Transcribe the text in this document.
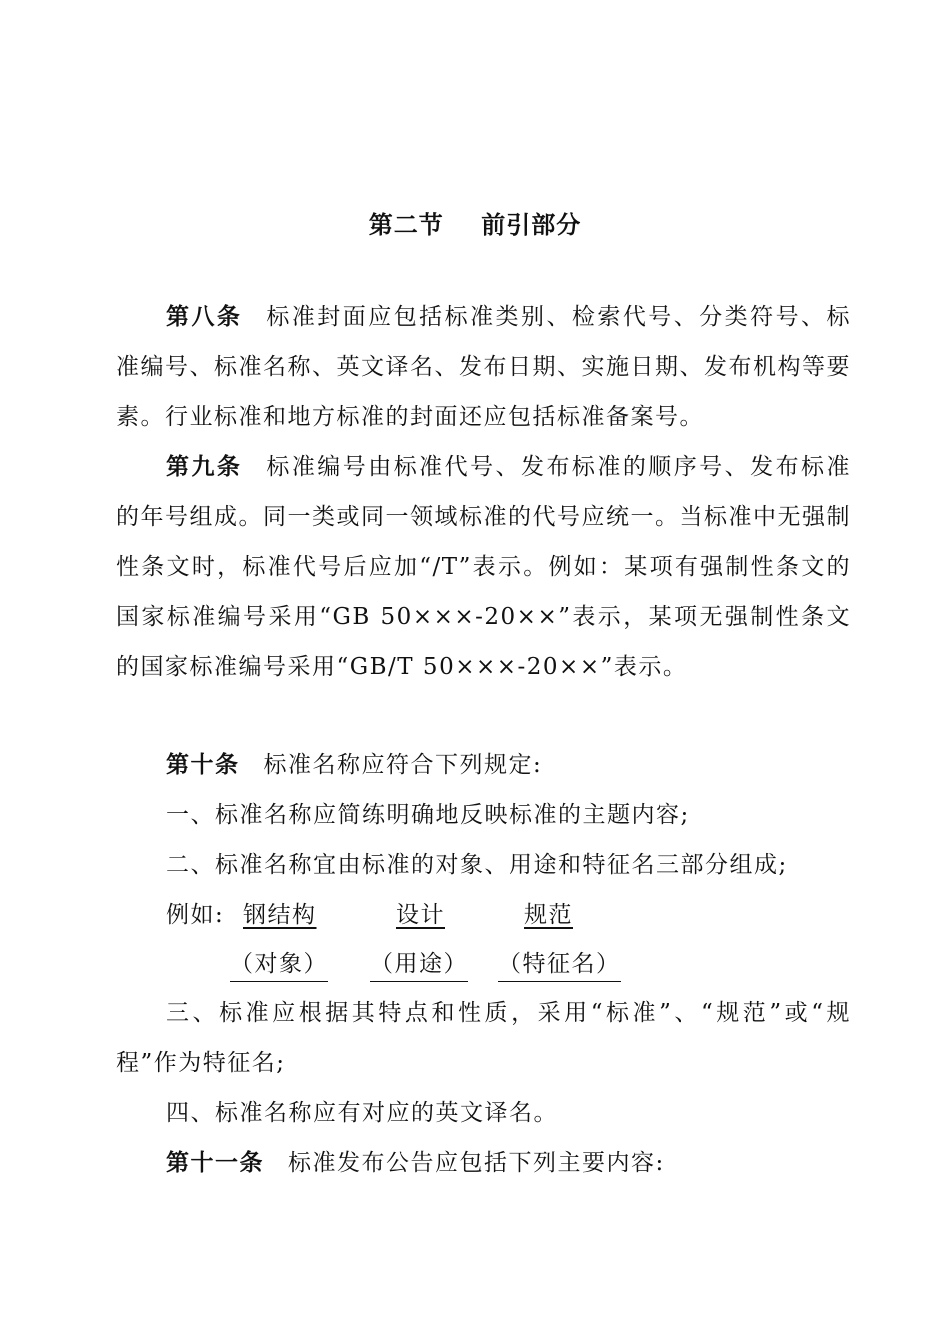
第二节    前引部分

第八条 标准封面应包括标准类别、检索代号、分类符号、标准编号、标准名称、英文译名、发布日期、实施日期、发布机构等要素。行业标准和地方标准的封面还应包括标准备案号。

第九条 标准编号由标准代号、发布标准的顺序号、发布标准的年号组成。同一类或同一领域标准的代号应统一。当标准中无强制性条文时，标准代号后应加“/T”表示。例如：某项有强制性条文的国家标准编号采用“GB 50×××-20××”表示，某项无强制性条文的国家标准编号采用“GB/T 50×××-20××”表示。

第十条 标准名称应符合下列规定:

一、标准名称应简练明确地反映标准的主题内容;

二、标准名称宜由标准的对象、用途和特征名三部分组成;

例如: 钢结构	设计	规范
（对象） （用途） （特征名）

三、标准应根据其特点和性质，采用“标准”、“规范”或“规程”作为特征名;

四、标准名称应有对应的英文译名。

第十一条 标准发布公告应包括下列主要内容:
